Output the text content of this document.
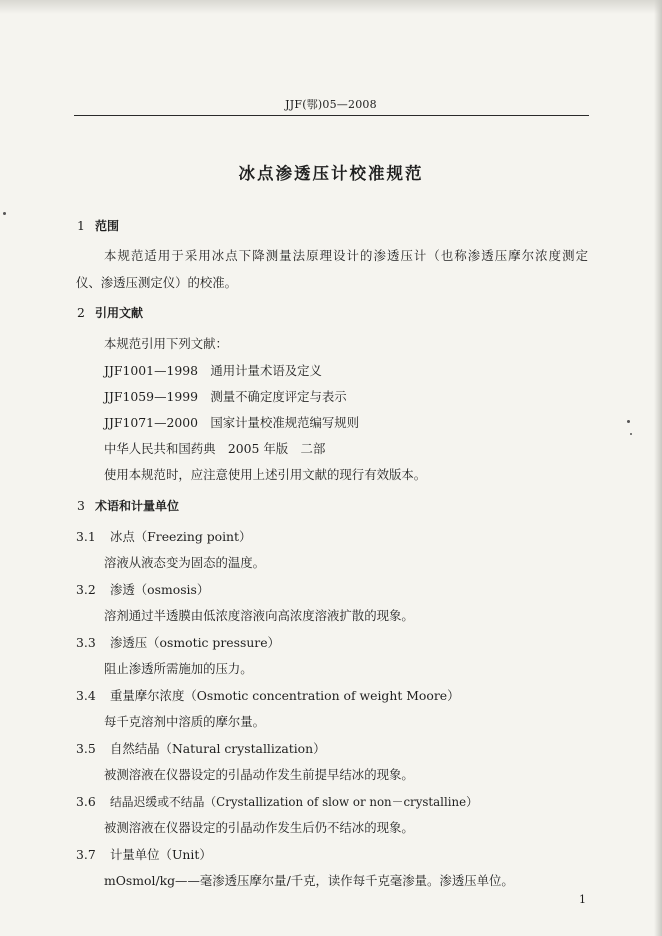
JJF(鄂)05—2008
冰点渗透压计校准规范
1 范围
本规范适用于采用冰点下降测量法原理设计的渗透压计（也称渗透压摩尔浓度测定
仪、渗透压测定仪）的校准。
2 引用文献
本规范引用下列文献：
JJF1001—1998　通用计量术语及定义
JJF1059—1999　测量不确定度评定与表示
JJF1071—2000　国家计量校准规范编写规则
中华人民共和国药典　2005 年版　二部
使用本规范时，应注意使用上述引用文献的现行有效版本。
3 术语和计量单位
3.1 冰点（Freezing point）
溶液从液态变为固态的温度。
3.2 渗透（osmosis）
溶剂通过半透膜由低浓度溶液向高浓度溶液扩散的现象。
3.3 渗透压（osmotic pressure）
阻止渗透所需施加的压力。
3.4 重量摩尔浓度（Osmotic concentration of weight Moore）
每千克溶剂中溶质的摩尔量。
3.5 自然结晶（Natural crystallization）
被测溶液在仪器设定的引晶动作发生前提早结冰的现象。
3.6 结晶迟缓或不结晶（Crystallization of slow or non－crystalline）
被测溶液在仪器设定的引晶动作发生后仍不结冰的现象。
3.7 计量单位（Unit）
mOsmol/kg——毫渗透压摩尔量/千克，读作每千克毫渗量。渗透压单位。
1
